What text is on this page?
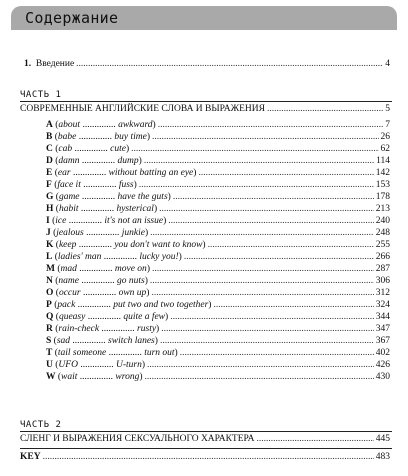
Содержание
1. Введение .....	4
ЧАСТЬ 1
СОВРЕМЕННЫЕ АНГЛИЙСКИЕ СЛОВА И ВЫРАЖЕНИЯ .....	5
A (about .............. awkward) .....	7
B (babe .............. buy time) .....	26
C (cab .............. cute) .....	62
D (damn .............. dump) .....	114
E (ear .............. without batting an eye) .....	142
F (face it .............. fuss) .....	153
G (game .............. have the guts) .....	178
H (habit .............. hysterical) .....	213
I (ice .............. it's not an issue) .....	240
J (jealous .............. junkie) .....	248
K (keep .............. you don't want to know) .....	255
L (ladies' man .............. lucky you!) .....	266
M (mad .............. move on) .....	287
N (name .............. go nuts) .....	306
O (occur .............. own up) .....	312
P (pack .............. put two and two together) .....	324
Q (queasy .............. quite a few) .....	344
R (rain-check .............. rusty) .....	347
S (sad .............. switch lanes) .....	367
T (tail someone .............. turn out) .....	402
U (UFO .............. U-turn) .....	426
W (wait .............. wrong) .....	430
ЧАСТЬ 2
СЛЕНГ И ВЫРАЖЕНИЯ СЕКСУАЛЬНОГО ХАРАКТЕРА .....	445
KEY .....	483
